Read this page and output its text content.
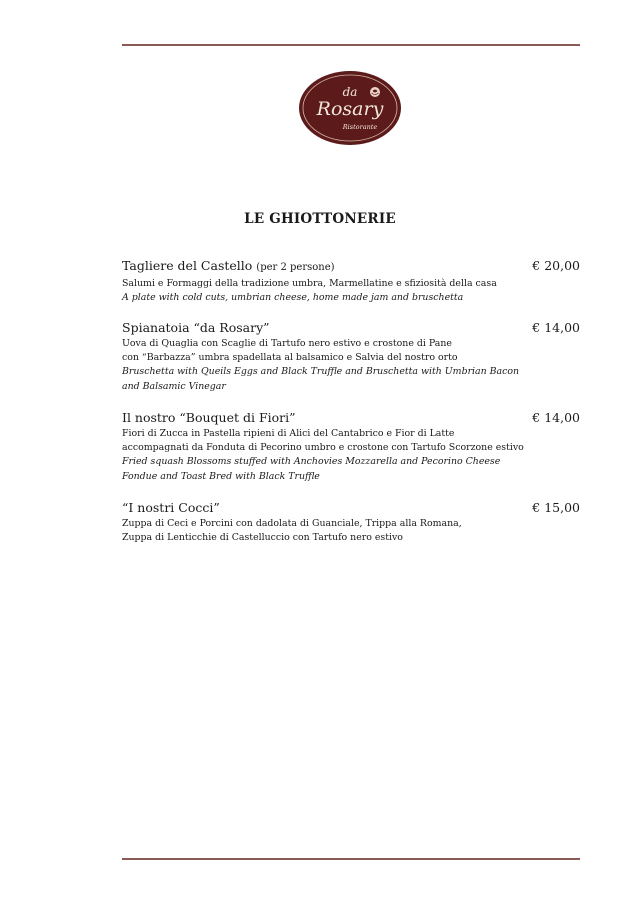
da
Rosary
Ristorante
LE GHIOTTONERIE
Tagliere del Castello (per 2 persone)	€ 20,00
Salumi e Formaggi della tradizione umbra, Marmellatine e sfiziosità della casa
A plate with cold cuts, umbrian cheese, home made jam and bruschetta
Spianatoia “da Rosary”	€ 14,00
Uova di Quaglia con Scaglie di Tartufo nero estivo e crostone di Pane
con “Barbazza” umbra spadellata al balsamico e Salvia del nostro orto
Bruschetta with Queils Eggs and Black Truffle and Bruschetta with Umbrian Bacon
and Balsamic Vinegar
Il nostro “Bouquet di Fiori”	€ 14,00
Fiori di Zucca in Pastella ripieni di Alici del Cantabrico e Fior di Latte
accompagnati da Fonduta di Pecorino umbro e crostone con Tartufo Scorzone estivo
Fried squash Blossoms stuffed with Anchovies Mozzarella and Pecorino Cheese
Fondue and Toast Bred with Black Truffle
“I nostri Cocci”	€ 15,00
Zuppa di Ceci e Porcini con dadolata di Guanciale, Trippa alla Romana,
Zuppa di Lenticchie di Castelluccio con Tartufo nero estivo
